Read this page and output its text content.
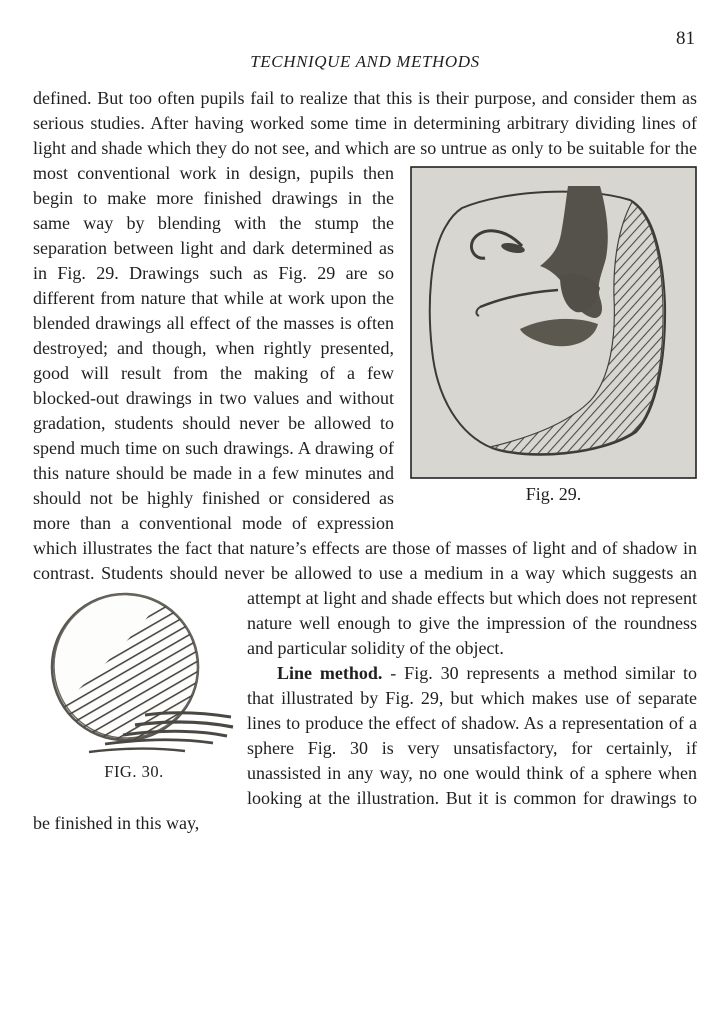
81
TECHNIQUE AND METHODS

defined. But too often pupils fail to realize that this is their purpose, and consider them as serious studies. After having worked some time in determining arbitrary dividing lines of light and shade which they do not see, and which are so untrue
Fig. 29.
as only to be suitable for the most conventional work in design, pupils then begin to make more finished drawings in the same way by blending with the stump the separation between light and dark determined as in Fig. 29. Drawings such as Fig. 29 are so different from nature that while at work upon the blended drawings all effect of the masses is often destroyed; and though, when rightly presented, good will result from the making of a few blocked-out drawings in two values and without gradation, students should never be allowed to spend much time on such drawings. A drawing of this nature should be made in a few minutes and should not be highly finished or considered as more than a conventional mode of expression which illustrates the fact that nature’s effects are those of masses of light and of shadow in contrast. Students should never be allowed to use a medium in a way which
FIG. 30.
suggests an attempt at light and shade effects but which does not represent nature well enough to give the impression of the roundness and particular solidity of the object.

Line method. - Fig. 30 represents a method similar to that illustrated by Fig. 29, but which makes use of separate lines to produce the effect of shadow. As a representation of a sphere Fig. 30 is very unsatisfactory, for certainly, if unassisted in any way, no one would think of a sphere when looking at the illustration. But it is common for drawings to be finished in this way,
